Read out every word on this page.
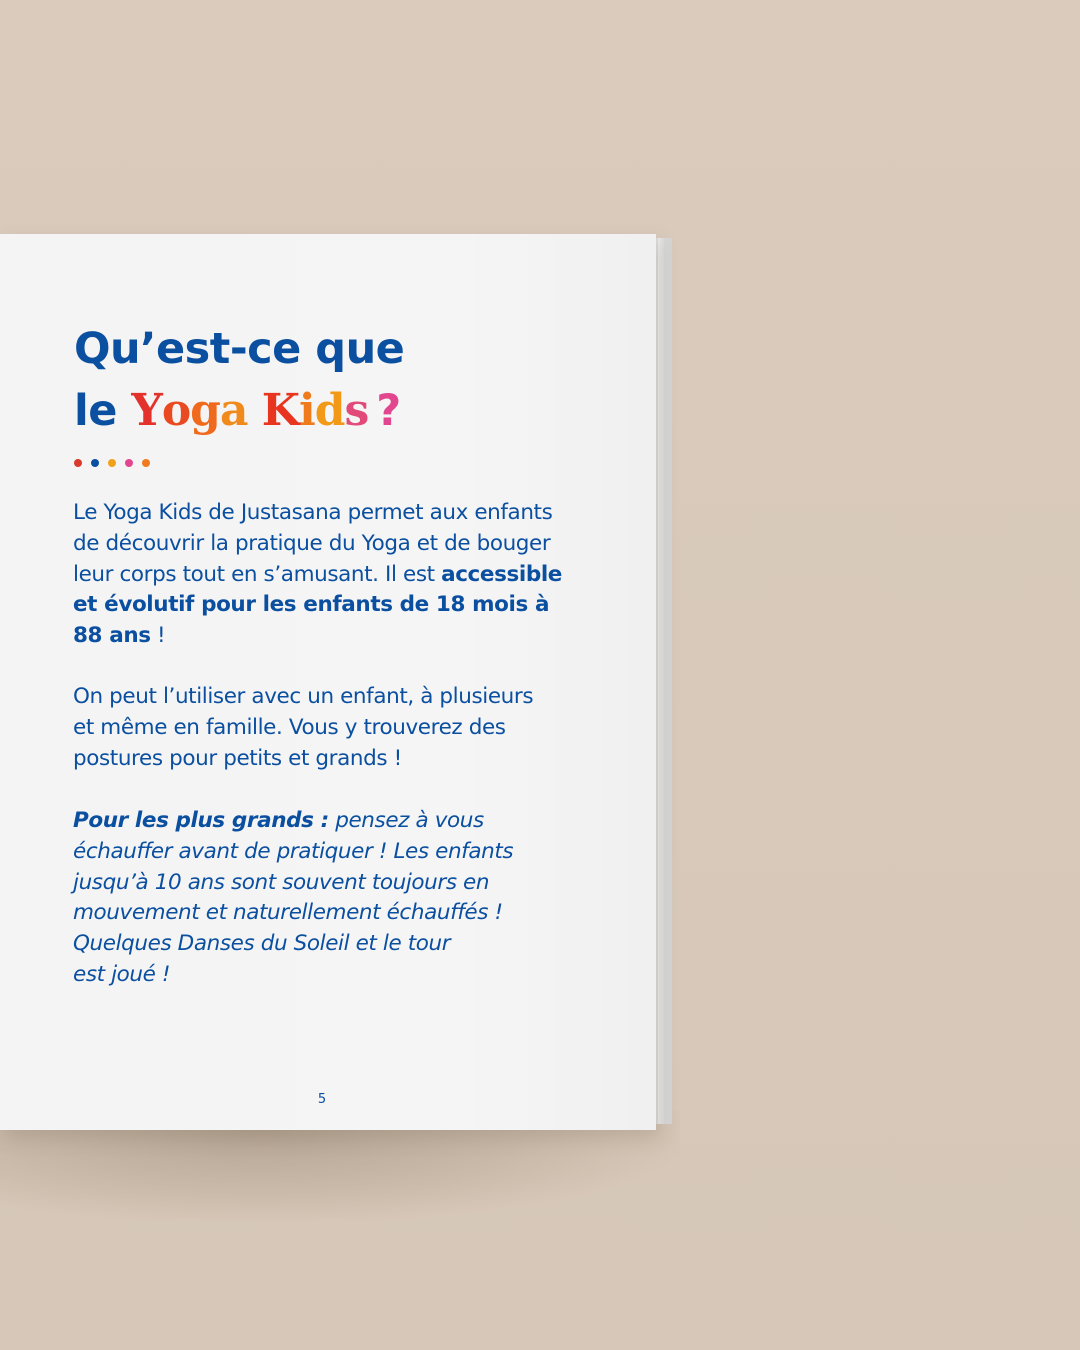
Qu’est-ce que
le Yoga Kids ?

Le Yoga Kids de Justasana permet aux enfants
de découvrir la pratique du Yoga et de bouger
leur corps tout en s’amusant. Il est accessible
et évolutif pour les enfants de 18 mois à
88 ans !

On peut l’utiliser avec un enfant, à plusieurs
et même en famille. Vous y trouverez des
postures pour petits et grands !

Pour les plus grands : pensez à vous
échauffer avant de pratiquer ! Les enfants
jusqu’à 10 ans sont souvent toujours en
mouvement et naturellement échauffés !
Quelques Danses du Soleil et le tour
est joué !

5
